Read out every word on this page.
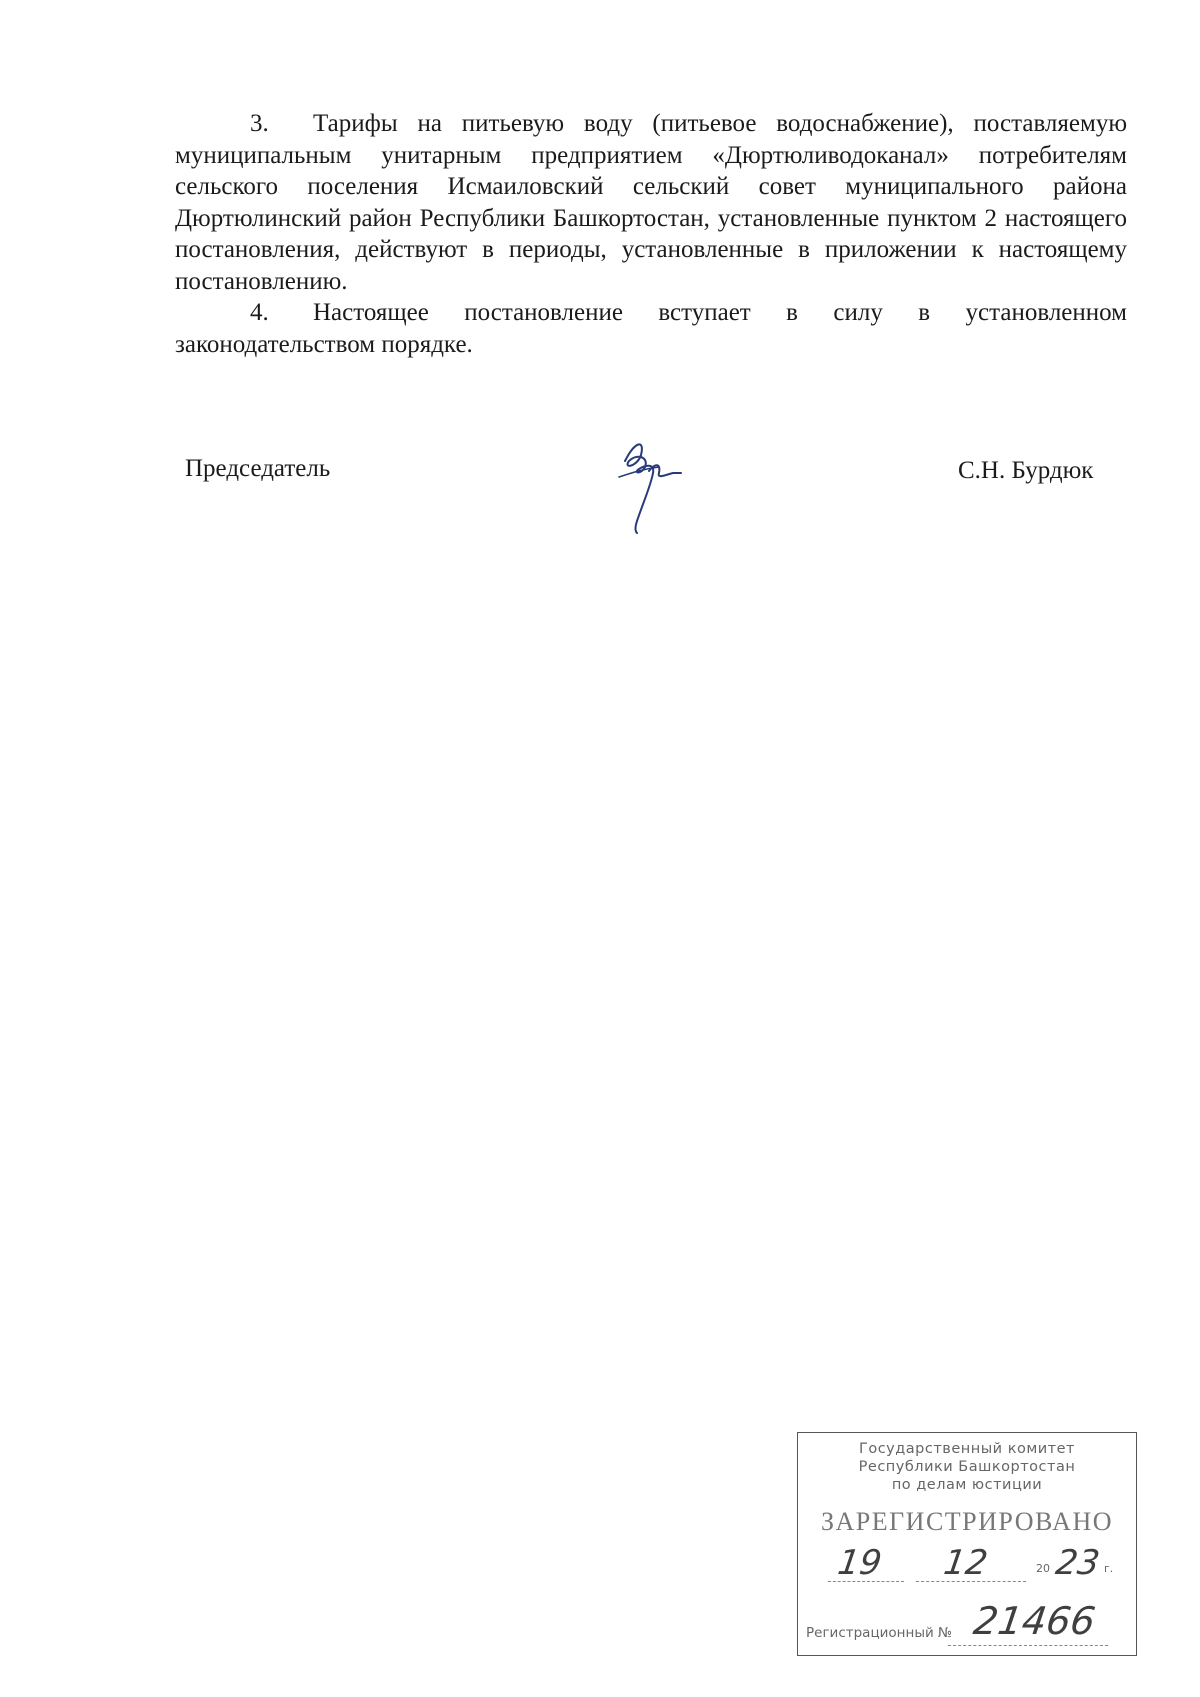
3. Тарифы на питьевую воду (питьевое водоснабжение), поставляемую муниципальным унитарным предприятием «Дюртюливодоканал» потребителям сельского поселения Исмаиловский сельский совет муниципального района Дюртюлинский район Республики Башкортостан, установленные пунктом 2 настоящего постановления, действуют в периоды, установленные в приложении к настоящему постановлению.

4. Настоящее постановление вступает в силу в установленном законодательством порядке.

Председатель	С.Н. Бурдюк
Государственный комитет
Республики Башкортостан
по делам юстиции
ЗАРЕГИСТРИРОВАНО
19 12	20 23 г.
Регистрационный № 21466
